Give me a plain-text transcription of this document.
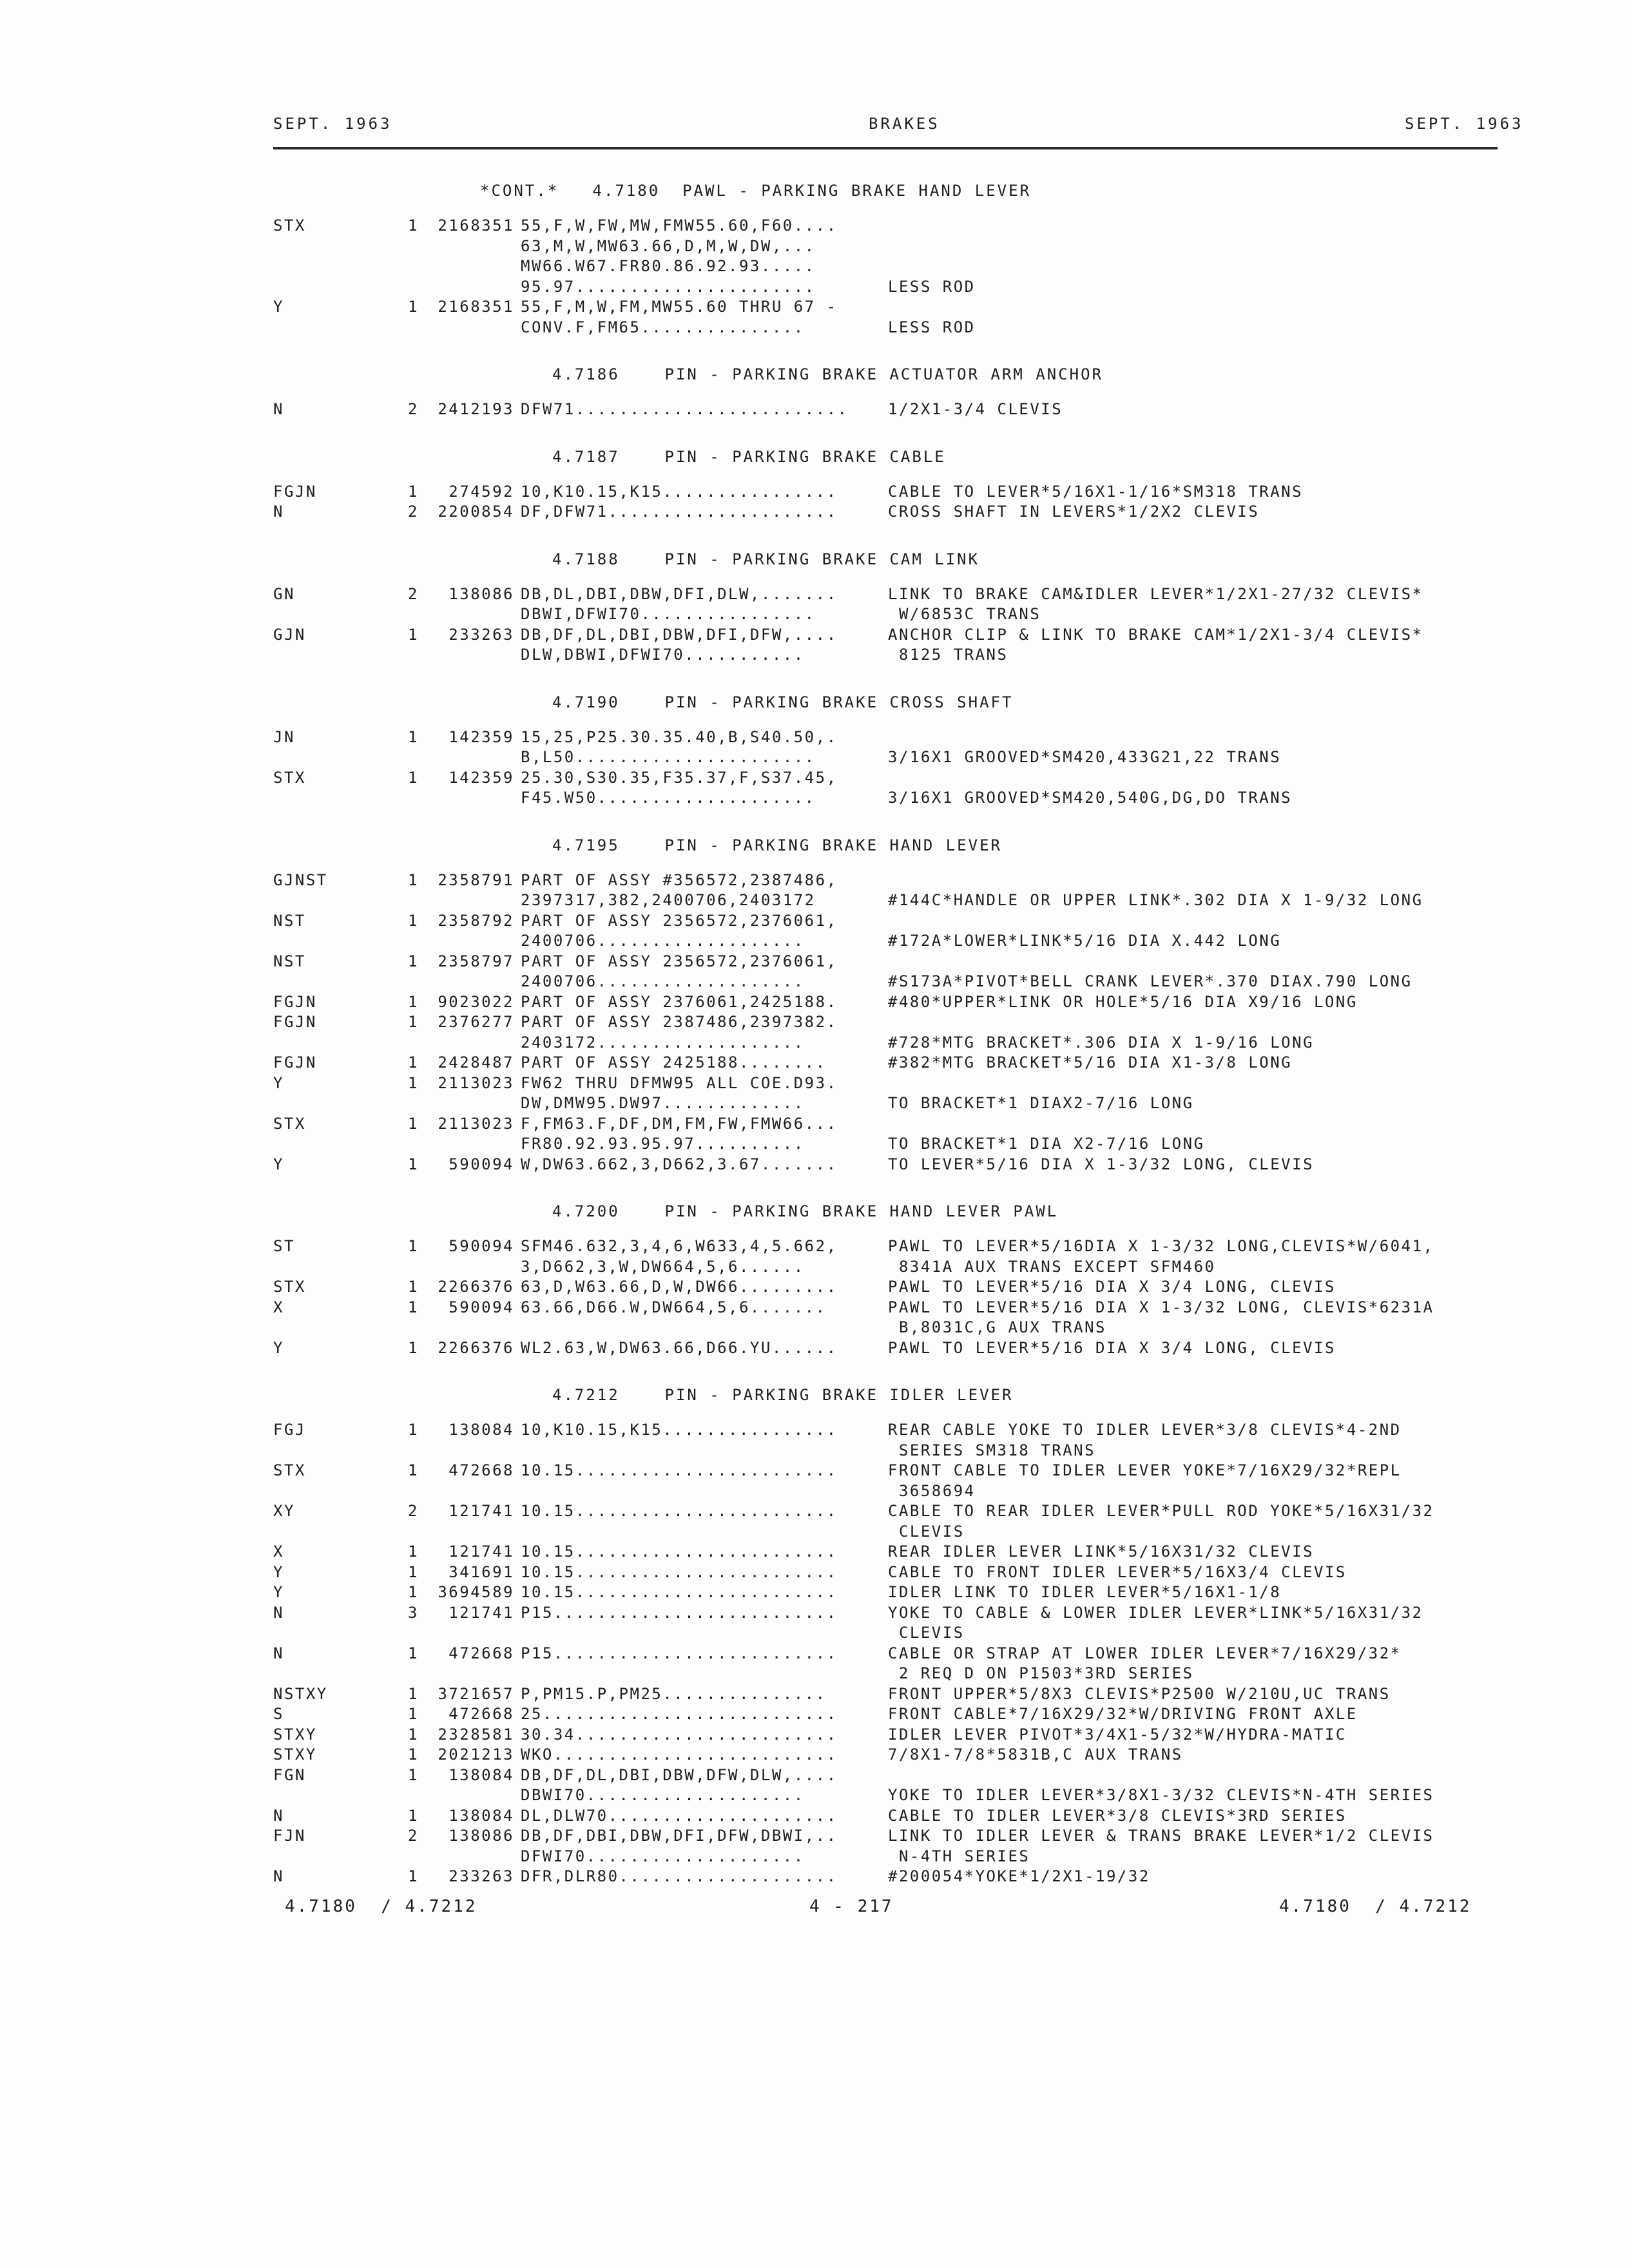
SEPT. 1963	BRAKES	SEPT. 1963
*CONT.*   4.7180  PAWL - PARKING BRAKE HAND LEVER
STX	1	2168351 55,F,W,FW,MW,FMW55.60,F60....
63,M,W,MW63.66,D,M,W,DW,...
MW66.W67.FR80.86.92.93.....
95.97......................	LESS ROD
Y	1	2168351 55,F,M,W,FM,MW55.60 THRU 67 -
CONV.F,FM65...............	LESS ROD
4.7186    PIN - PARKING BRAKE ACTUATOR ARM ANCHOR
N	2	2412193 DFW71.........................	1/2X1-3/4 CLEVIS
4.7187    PIN - PARKING BRAKE CABLE
FGJN	1	274592 10,K10.15,K15................	CABLE TO LEVER*5/16X1-1/16*SM318 TRANS
N	2	2200854 DF,DFW71.....................	CROSS SHAFT IN LEVERS*1/2X2 CLEVIS
4.7188    PIN - PARKING BRAKE CAM LINK
GN	2	138086 DB,DL,DBI,DBW,DFI,DLW,.......	LINK TO BRAKE CAM&IDLER LEVER*1/2X1-27/32 CLEVIS*
DBWI,DFWI70................	W/6853C TRANS
GJN	1	233263 DB,DF,DL,DBI,DBW,DFI,DFW,....	ANCHOR CLIP & LINK TO BRAKE CAM*1/2X1-3/4 CLEVIS*
DLW,DBWI,DFWI70...........	8125 TRANS
4.7190    PIN - PARKING BRAKE CROSS SHAFT
JN	1	142359 15,25,P25.30.35.40,B,S40.50,.
B,L50......................	3/16X1 GROOVED*SM420,433G21,22 TRANS
STX	1	142359 25.30,S30.35,F35.37,F,S37.45,
F45.W50....................	3/16X1 GROOVED*SM420,540G,DG,DO TRANS
4.7195    PIN - PARKING BRAKE HAND LEVER
GJNST	1	2358791 PART OF ASSY #356572,2387486,
2397317,382,2400706,2403172	#144C*HANDLE OR UPPER LINK*.302 DIA X 1-9/32 LONG
NST	1	2358792 PART OF ASSY 2356572,2376061,
2400706...................	#172A*LOWER*LINK*5/16 DIA X.442 LONG
NST	1	2358797 PART OF ASSY 2356572,2376061,
2400706...................	#S173A*PIVOT*BELL CRANK LEVER*.370 DIAX.790 LONG
FGJN	1	9023022 PART OF ASSY 2376061,2425188.	#480*UPPER*LINK OR HOLE*5/16 DIA X9/16 LONG
FGJN	1	2376277 PART OF ASSY 2387486,2397382.
2403172...................	#728*MTG BRACKET*.306 DIA X 1-9/16 LONG
FGJN	1	2428487 PART OF ASSY 2425188........	#382*MTG BRACKET*5/16 DIA X1-3/8 LONG
Y	1	2113023 FW62 THRU DFMW95 ALL COE.D93.
DW,DMW95.DW97.............	TO BRACKET*1 DIAX2-7/16 LONG
STX	1	2113023 F,FM63.F,DF,DM,FM,FW,FMW66...
FR80.92.93.95.97..........	TO BRACKET*1 DIA X2-7/16 LONG
Y	1	590094 W,DW63.662,3,D662,3.67.......	TO LEVER*5/16 DIA X 1-3/32 LONG, CLEVIS
4.7200    PIN - PARKING BRAKE HAND LEVER PAWL
ST	1	590094 SFM46.632,3,4,6,W633,4,5.662,	PAWL TO LEVER*5/16DIA X 1-3/32 LONG,CLEVIS*W/6041,
3,D662,3,W,DW664,5,6......	8341A AUX TRANS EXCEPT SFM460
STX	1	2266376 63,D,W63.66,D,W,DW66.........	PAWL TO LEVER*5/16 DIA X 3/4 LONG, CLEVIS
X	1	590094 63.66,D66.W,DW664,5,6.......	PAWL TO LEVER*5/16 DIA X 1-3/32 LONG, CLEVIS*6231A
B,8031C,G AUX TRANS
Y	1	2266376 WL2.63,W,DW63.66,D66.YU......	PAWL TO LEVER*5/16 DIA X 3/4 LONG, CLEVIS
4.7212    PIN - PARKING BRAKE IDLER LEVER
FGJ	1	138084 10,K10.15,K15................	REAR CABLE YOKE TO IDLER LEVER*3/8 CLEVIS*4-2ND
SERIES SM318 TRANS
STX	1	472668 10.15........................	FRONT CABLE TO IDLER LEVER YOKE*7/16X29/32*REPL
3658694
XY	2	121741 10.15........................	CABLE TO REAR IDLER LEVER*PULL ROD YOKE*5/16X31/32
CLEVIS
X	1	121741 10.15........................	REAR IDLER LEVER LINK*5/16X31/32 CLEVIS
Y	1	341691 10.15........................	CABLE TO FRONT IDLER LEVER*5/16X3/4 CLEVIS
Y	1	3694589 10.15........................	IDLER LINK TO IDLER LEVER*5/16X1-1/8
N	3	121741 P15..........................	YOKE TO CABLE & LOWER IDLER LEVER*LINK*5/16X31/32
CLEVIS
N	1	472668 P15..........................	CABLE OR STRAP AT LOWER IDLER LEVER*7/16X29/32*
2 REQ D ON P1503*3RD SERIES
NSTXY	1	3721657 P,PM15.P,PM25...............	FRONT UPPER*5/8X3 CLEVIS*P2500 W/210U,UC TRANS
S	1	472668 25...........................	FRONT CABLE*7/16X29/32*W/DRIVING FRONT AXLE
STXY	1	2328581 30.34........................	IDLER LEVER PIVOT*3/4X1-5/32*W/HYDRA-MATIC
STXY	1	2021213 WKO..........................	7/8X1-7/8*5831B,C AUX TRANS
FGN	1	138084 DB,DF,DL,DBI,DBW,DFW,DLW,....
DBWI70....................	YOKE TO IDLER LEVER*3/8X1-3/32 CLEVIS*N-4TH SERIES
N	1	138084 DL,DLW70.....................	CABLE TO IDLER LEVER*3/8 CLEVIS*3RD SERIES
FJN	2	138086 DB,DF,DBI,DBW,DFI,DFW,DBWI,..	LINK TO IDLER LEVER & TRANS BRAKE LEVER*1/2 CLEVIS
DFWI70....................	N-4TH SERIES
N	1	233263 DFR,DLR80....................	#200054*YOKE*1/2X1-19/32
4.7180  / 4.7212	4 - 217	4.7180  / 4.7212
